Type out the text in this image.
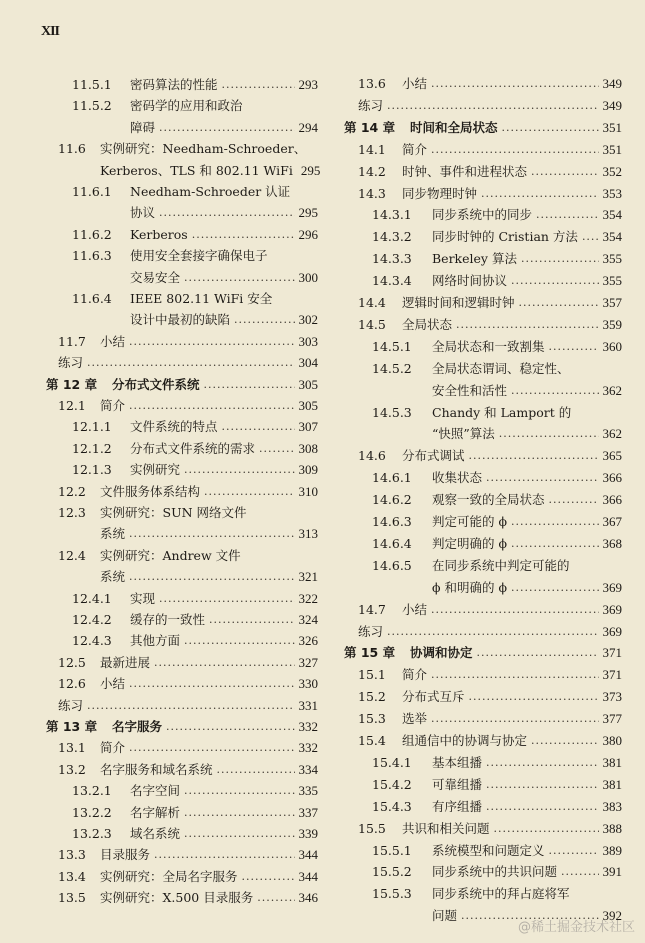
XII
11.5.1 密码算法的性能 .....	293
11.5.2 密码学的应用和政治
障碍 .....	294
11.6 实例研究：Needham-Schroeder、
Kerberos、TLS 和 802.11 WiFi 295
11.6.1 Needham-Schroeder 认证
协议 .....	295
11.6.2 Kerberos .....	296
11.6.3 使用安全套接字确保电子
交易安全 .....	300
11.6.4 IEEE 802.11 WiFi 安全
设计中最初的缺陷 .....	302
11.7 小结 .....	303
练习 .....	304
第 12 章 分布式文件系统 .....	305
12.1 简介 .....	305
12.1.1 文件系统的特点 .....	307
12.1.2 分布式文件系统的需求 .....	308
12.1.3 实例研究 .....	309
12.2 文件服务体系结构 .....	310
12.3 实例研究：SUN 网络文件
系统 .....	313
12.4 实例研究：Andrew 文件
系统 .....	321
12.4.1 实现 .....	322
12.4.2 缓存的一致性 .....	324
12.4.3 其他方面 .....	326
12.5 最新进展 .....	327
12.6 小结 .....	330
练习 .....	331
第 13 章 名字服务 .....	332
13.1 简介 .....	332
13.2 名字服务和域名系统 .....	334
13.2.1 名字空间 .....	335
13.2.2 名字解析 .....	337
13.2.3 域名系统 .....	339
13.3 目录服务 .....	344
13.4 实例研究：全局名字服务 .....	344
13.5 实例研究：X.500 目录服务 .....	346
13.6 小结 .....	349
练习 .....	349
第 14 章 时间和全局状态 .....	351
14.1 简介 .....	351
14.2 时钟、事件和进程状态 .....	352
14.3 同步物理时钟 .....	353
14.3.1 同步系统中的同步 .....	354
14.3.2 同步时钟的 Cristian 方法 ..... 354
14.3.3 Berkeley 算法 .....	355
14.3.4 网络时间协议 .....	355
14.4 逻辑时间和逻辑时钟 .....	357
14.5 全局状态 .....	359
14.5.1 全局状态和一致割集 .....	360
14.5.2 全局状态谓词、稳定性、
安全性和活性 .....	362
14.5.3 Chandy 和 Lamport 的
“快照”算法 .....	362
14.6 分布式调试 .....	365
14.6.1 收集状态 .....	366
14.6.2 观察一致的全局状态 .....	366
14.6.3 判定可能的 ϕ .....	367
14.6.4 判定明确的 ϕ .....	368
14.6.5 在同步系统中判定可能的
ϕ 和明确的 ϕ .....	369
14.7 小结 .....	369
练习 .....	369
第 15 章 协调和协定 .....	371
15.1 简介 .....	371
15.2 分布式互斥 .....	373
15.3 选举 .....	377
15.4 组通信中的协调与协定 .....	380
15.4.1 基本组播 .....	381
15.4.2 可靠组播 .....	381
15.4.3 有序组播 .....	383
15.5 共识和相关问题 .....	388
15.5.1 系统模型和问题定义 .....	389
15.5.2 同步系统中的共识问题 .....	391
15.5.3 同步系统中的拜占庭将军
问题 .....	392
@稀土掘金技术社区
